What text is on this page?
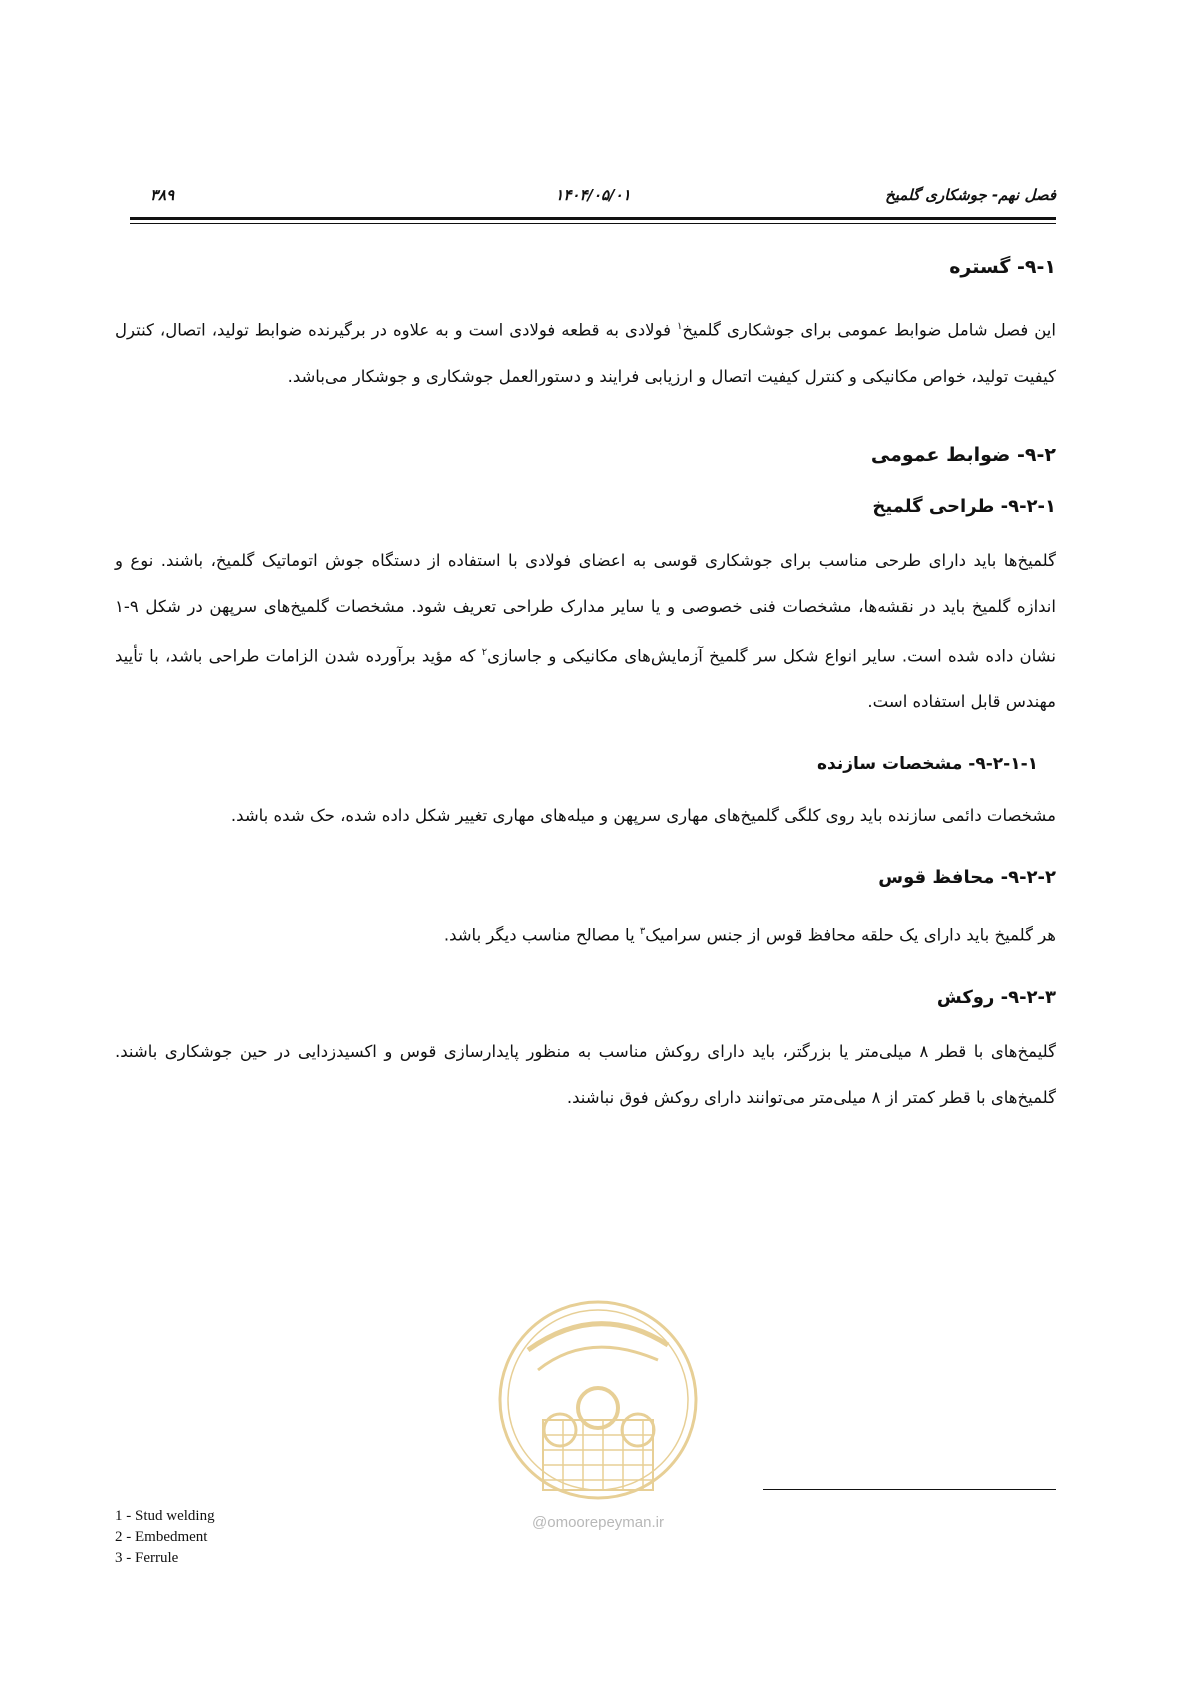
فصل نهم- جوشکاری گلمیخ
۱۴۰۴/۰۵/۰۱
۳۸۹
۹-۱- گستره

این فصل شامل ضوابط عمومی برای جوشکاری گلمیخ$^۱$ فولادی به قطعه فولادی است و به علاوه در برگیرنده ضوابط تولید، اتصال، کنترل کیفیت تولید، خواص مکانیکی و کنترل کیفیت اتصال و ارزیابی فرایند و دستورالعمل جوشکاری و جوشکار می‌باشد.

۹-۲- ضوابط عمومی
۹-۲-۱- طراحی گلمیخ

گلمیخ‌ها باید دارای طرحی مناسب برای جوشکاری قوسی به اعضای فولادی با استفاده از دستگاه جوش اتوماتیک گلمیخ، باشند. نوع و اندازه گلمیخ باید در نقشه‌ها، مشخصات فنی خصوصی و یا سایر مدارک طراحی تعریف شود. مشخصات گلمیخ‌های سرپهن در شکل ۹-۱ نشان داده شده است. سایر انواع شکل سر گلمیخ آزمایش‌های مکانیکی و جاسازی$^۲$ که مؤید برآورده شدن الزامات طراحی باشد، با تأیید مهندس قابل استفاده است.

۹-۲-۱-۱- مشخصات سازنده

مشخصات دائمی سازنده باید روی کلگی گلمیخ‌های مهاری سرپهن و میله‌های مهاری تغییر شکل داده شده، حک شده باشد.

۹-۲-۲- محافظ قوس

هر گلمیخ باید دارای یک حلقه محافظ قوس از جنس سرامیک$^۳$ یا مصالح مناسب دیگر باشد.

۹-۲-۳- روکش

گلیمخ‌های با قطر ۸ میلی‌متر یا بزرگتر، باید دارای روکش مناسب به منظور پایدارسازی قوس و اکسیدزدایی در حین جوشکاری باشند. گلمیخ‌های با قطر کمتر از ۸ میلی‌متر می‌توانند دارای روکش فوق نباشند.

@omoorepeyman.ir
1 - Stud welding
2 - Embedment
3 - Ferrule
